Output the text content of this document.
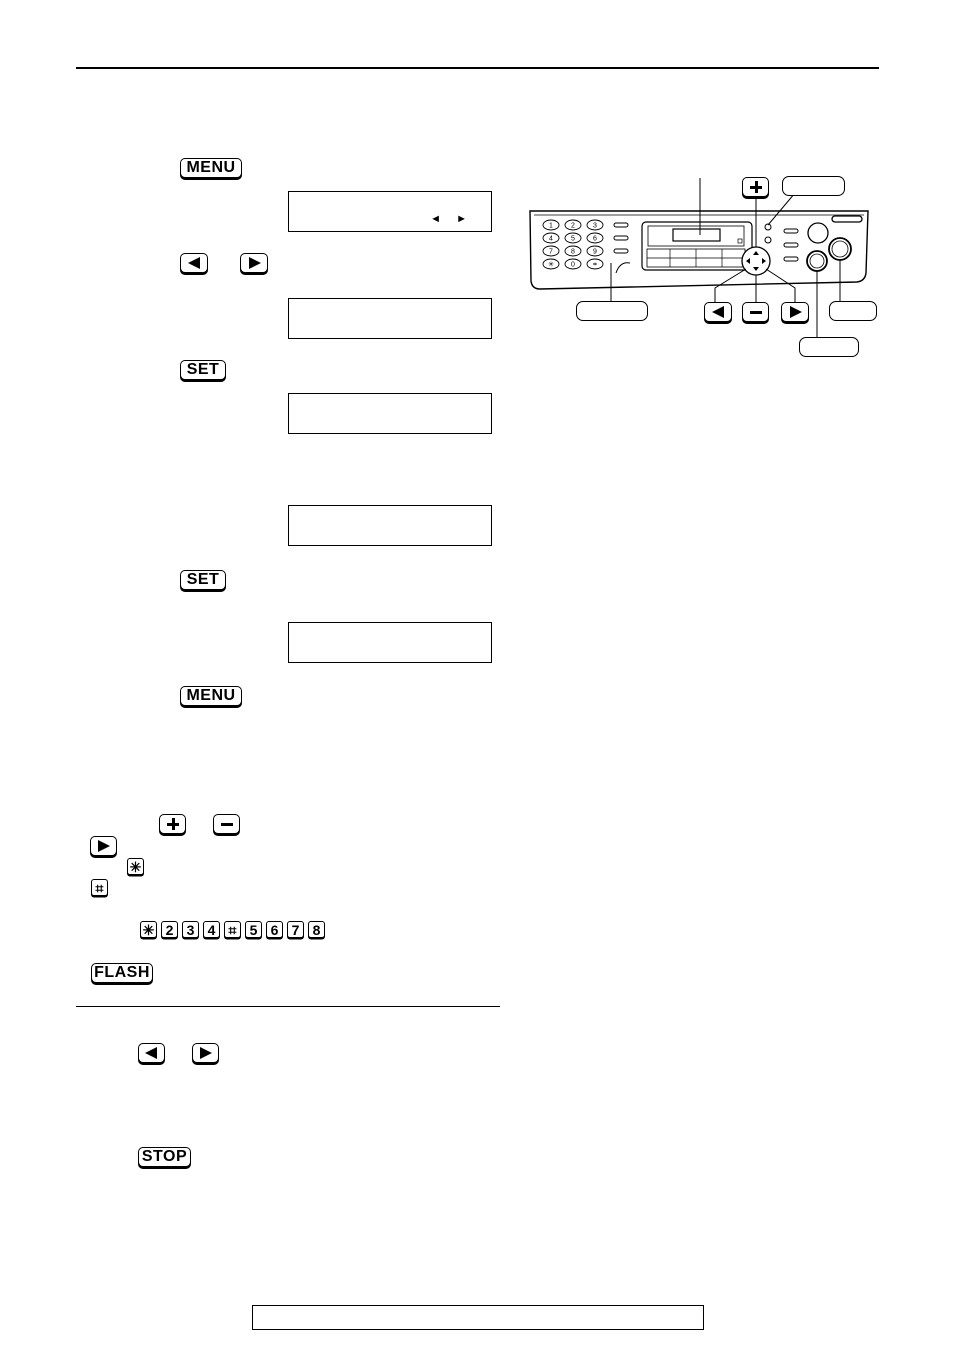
MENU
◄ ►
SET
SET
MENU
✳
⌗
✳ 2 3 4 ⌗ 5 6 7 8
FLASH
STOP
1	2	3
4	5	6
7	8	9
✳ 0	⌗
